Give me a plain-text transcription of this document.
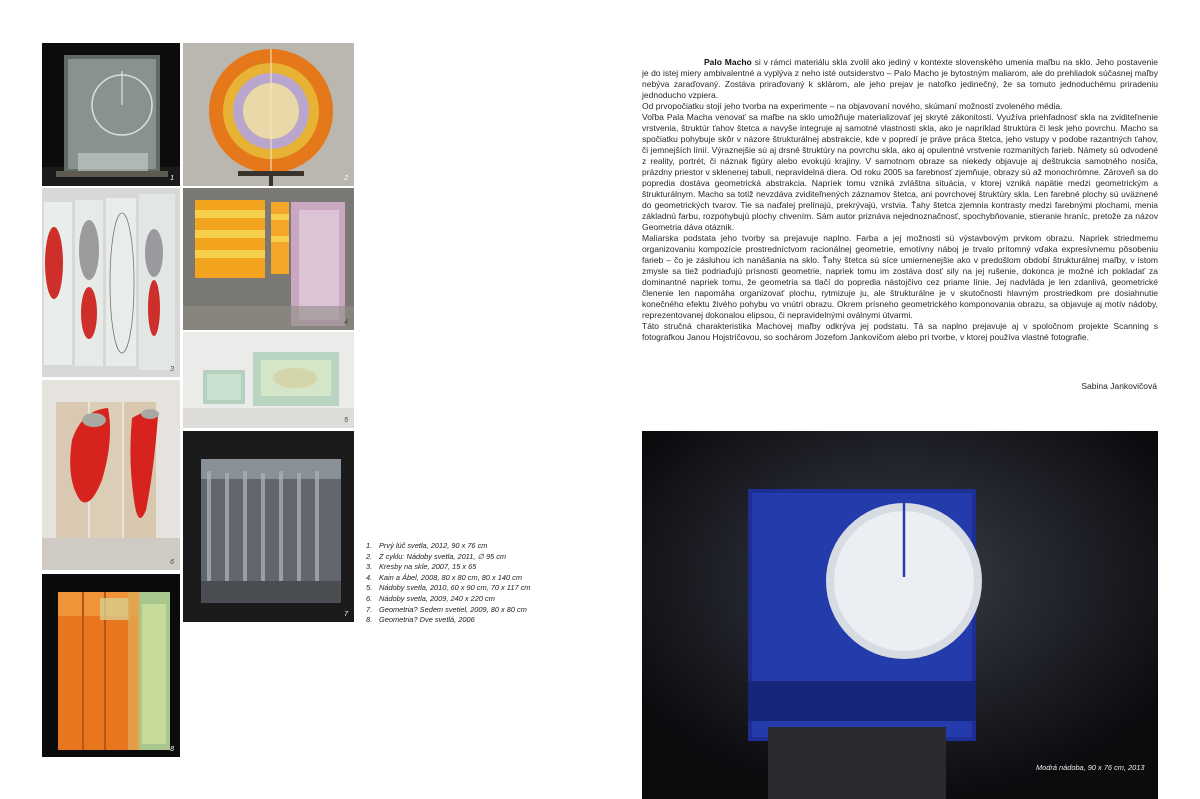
1	2
3
4
5
6
7
8
1. Prvý lúč svetla, 2012, 90 x 76 cm
2. Z cyklu: Nádoby svetla, 2011, ∅ 95 cm
3. Kresby na skle, 2007, 15 x 65
4. Kain a Ábel, 2008, 80 x 80 cm, 80 x 140 cm
5. Nádoby svetla, 2010, 60 x 90 cm, 70 x 117 cm
6. Nádoby svetla, 2009, 240 x 220 cm
7. Geometria? Sedem svetiel, 2009, 80 x 80 cm
8. Geometria? Dve svetlá, 2006

Palo Macho si v rámci materiálu skla zvolil ako jediný v kontexte slovenského umenia maľbu na sklo. Jeho postavenie je do istej miery ambivalentné a vyplýva z neho isté outsiderstvo – Palo Macho je bytostným maliarom, ale do prehliadok súčasnej maľby nebýva zaraďovaný. Zostáva priraďovaný k sklárom, ale jeho prejav je natoľko jedinečný, že sa tomuto jednoduchému priradeniu jednoducho vzpiera.

Od prvopočiatku stojí jeho tvorba na experimente – na objavovaní nového, skúmaní možností zvoleného média.

Voľba Pala Macha venovať sa maľbe na sklo umožňuje materializovať jej skryté zákonitosti. Využíva priehľadnosť skla na zviditeľnenie vrstvenia, štruktúr ťahov štetca a navyše integruje aj samotné vlastnosti skla, ako je napríklad štruktúra či lesk jeho povrchu. Macho sa spočiatku pohybuje skôr v názore štrukturálnej abstrakcie, kde v popredí je práve práca štetca, jeho vstupy v podobe razantných ťahov, či jemnejších línií. Výraznejšie sú aj drsné štruktúry na povrchu skla, ako aj opulentné vrstvenie rozmanitých farieb. Námety sú odvodené z reality, portrét, či náznak figúry alebo evokujú krajiny. V samotnom obraze sa niekedy objavuje aj deštrukcia samotného nosiča, prázdny priestor v sklenenej tabuli, nepravidelná diera. Od roku 2005 sa farebnosť zjemňuje, obrazy sú až monochrómne. Zároveň sa do popredia dostáva geometrická abstrakcia. Napríek tomu vzniká zvláštna situácia, v ktorej vzniká napätie medzi geometrickým a štrukturálnym. Macho sa totiž nevzdáva zviditeľnených záznamov štetca, ani povrchovej štruktúry skla. Len farebné plochy sú uväznené do geometrických tvarov. Tie sa naďalej prelínajú, prekrývajú, vrstvia. Ťahy štetca zjemnia kontrasty medzi farebnými plochami, menia základnú farbu, rozpohybujú plochy chvením. Sám autor priznáva nejednoznačnosť, spochybňovanie, stieranie hraníc, pretože za názov Geometria dáva otáznik.

Maliarska podstata jeho tvorby sa prejavuje naplno. Farba a jej možnosti sú výstavbovým prvkom obrazu. Napriek striedmemu organizovaniu kompozície prostredníctvom racionálnej geometrie, emotívny náboj je trvalo prítomný vďaka expresívnemu pôsobeniu farieb – čo je zásluhou ich nanášania na sklo. Ťahy štetca sú síce umiernenejšie ako v predošlom období štrukturálnej maľby, v istom zmysle sa tiež podriaďujú prísnosti geometrie, napriek tomu im zostáva dosť sily na jej rušenie, dokonca je možné ich pokladať za dominantné napriek tomu, že geometria sa tlačí do popredia nástojčivo cez priame línie. Jej nadvláda je len zdanlivá, geometrické členenie len napomáha organizovať plochu, rytmizuje ju, ale štrukturálne je v skutočnosti hlavným prostriedkom pre dosiahnutie konečného efektu živého pohybu vo vnútri obrazu. Okrem prísneho geometrického komponovania obrazu, sa objavuje aj motív nádoby, reprezentovanej dokonalou elipsou, či nepravidelnými oválnymi útvarmi.

Táto stručná charakteristika Machovej maľby odkrýva jej podstatu. Tá sa naplno prejavuje aj v spoločnom projekte Scanning s fotografkou Janou Hojstričovou, so sochárom Jozefom Jankovičom alebo pri tvorbe, v ktorej používa vlastné fotografie.

Sabina Jankovičová
Modrá nádoba, 90 x 76 cm, 2013
